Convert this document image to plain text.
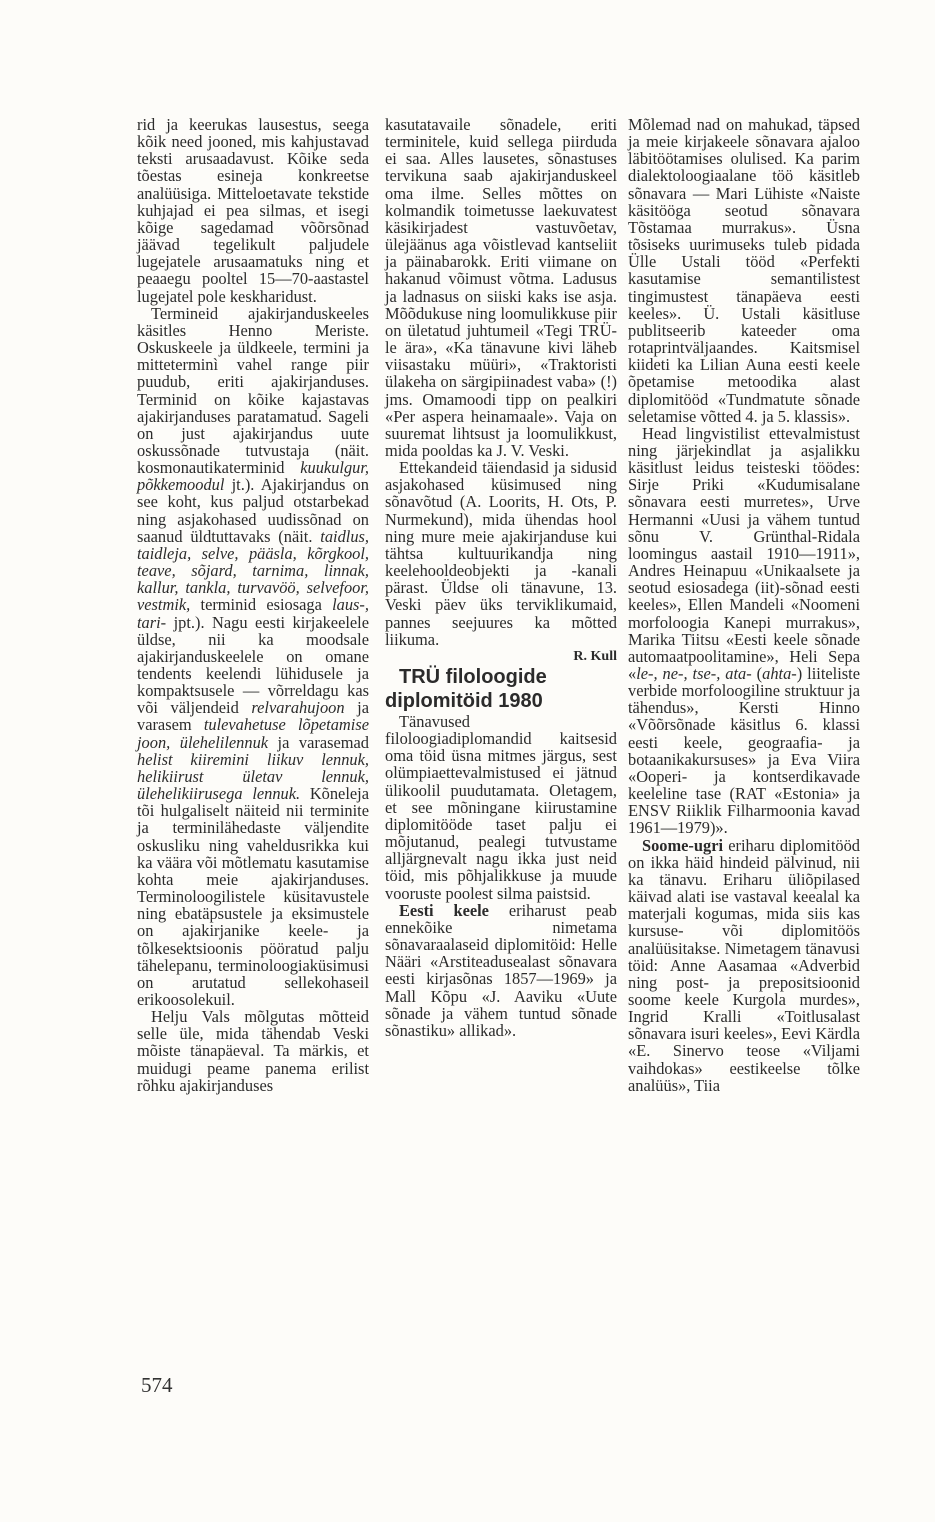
rid ja keerukas lausestus, seega kõik need jooned, mis kahjustavad teksti arusaadavust. Kõike seda tõestas esineja konkreetse analüüsiga. Mitteloetavate tekstide kuhjajad ei pea silmas, et isegi kõige sagedamad võõrsõnad jäävad tegelikult paljudele lugejatele arusaamatuks ning et peaaegu pooltel 15—70-aastastel lugejatel pole keskharidust.

Termineid ajakirjanduskeeles käsitles Henno Meriste. Oskuskeele ja üldkeele, termini ja mitteterminì vahel range piir puudub, eriti ajakirjanduses. Terminid on kõike kajastavas ajakirjanduses paratamatud. Sageli on just ajakirjandus uute oskussõnade tutvustaja (näit. kosmonautikaterminid kuukulgur, põkkemoodul jt.). Ajakirjandus on see koht, kus paljud otstarbekad ning asjakohased uudissõnad on saanud üldtuttavaks (näit. taidlus, taidleja, selve, pääsla, kõrgkool, teave, sõjard, tarnima, linnak, kallur, tankla, turvavöö, selvefoor, vestmik, terminid esiosaga laus-, tari- jpt.). Nagu eesti kirjakeelele üldse, nii ka moodsale ajakirjanduskeelele on omane tendents keelendi lühidusele ja kompaktsusele — võrreldagu kas või väljendeid relvarahujoon ja varasem tulevahetuse lõpetamise joon, ülehelilennuk ja varasemad helist kiiremini liikuv lennuk, helikiirust ületav lennuk, ülehelikiirusega lennuk. Kõneleja tõi hulgaliselt näiteid nii terminite ja terminilähedaste väljendite oskusliku ning vaheldusrikka kui ka väära või mõtlematu kasutamise kohta meie ajakirjanduses. Terminoloogilistele küsitavustele ning ebatäpsustele ja eksimustele on ajakirjanike keele- ja tõlkesektsioonis pööratud palju tähelepanu, terminoloogiaküsimusi on arutatud sellekohaseil erikoosolekuil.

Helju Vals mõlgutas mõtteid selle üle, mida tähendab Veski mõiste tänapäeval. Ta märkis, et muidugi peame panema erilist rõhku ajakirjanduses

kasutatavaile sõnadele, eriti terminitele, kuid sellega piirduda ei saa. Alles lausetes, sõnastuses tervikuna saab ajakirjanduskeel oma ilme. Selles mõttes on kolmandik toimetusse laekuvatest käsikirjadest vastuvõetav, ülejäänus aga võistlevad kantseliit ja päinabarokk. Eriti viimane on hakanud võimust võtma. Ladusus ja ladnasus on siiski kaks ise asja. Mõõdukuse ning loomulikkuse piir on ületatud juhtumeil «Tegi TRÜ-le ära», «Ka tänavune kivi läheb viisastaku müüri», «Traktoristi ülakeha on särgipiinadest vaba» (!) jms. Omamoodi tipp on pealkiri «Per aspera heinamaale». Vaja on suuremat lihtsust ja loomulikkust, mida pooldas ka J. V. Veski.

Ettekandeid täiendasid ja sidusid asjakohased küsimused ning sõnavõtud (A. Loorits, H. Ots, P. Nurmekund), mida ühendas hool ning mure meie ajakirjanduse kui tähtsa kultuurikandja ning keelehooldeobjekti ja -kanali pärast. Üldse oli tänavune, 13. Veski päev üks terviklikumaid, pannes seejuures ka mõtted liikuma.

R. Kull

TRÜ filoloogide diplomitöid 1980

Tänavused filoloogiadiplomandid kaitsesid oma töid üsna mitmes järgus, sest olümpiaettevalmistused ei jätnud ülikoolil puudutamata. Oletagem, et see mõningane kiirustamine diplomitööde taset palju ei mõjutanud, pealegi tutvustame alljärgnevalt nagu ikka just neid töid, mis põhjalikkuse ja muude vooruste poolest silma paistsid.

Eesti keele eriharust peab ennekõike nimetama sõnavaraalaseid diplomitöid: Helle Nääri «Arstiteadusealast sõnavara eesti kirjasõnas 1857—1969» ja Mall Kõpu «J. Aaviku «Uute sõnade ja vähem tuntud sõnade sõnastiku» allikad».

Mõlemad nad on mahukad, täpsed ja meie kirjakeele sõnavara ajaloo läbitöötamises olulised. Ka parim dialektoloogiaalane töö käsitleb sõnavara — Mari Lühiste «Naiste käsitööga seotud sõnavara Tõstamaa murrakus». Üsna tõsiseks uurimuseks tuleb pidada Ülle Ustali tööd «Perfekti kasutamise semantilistest tingimustest tänapäeva eesti keeles». Ü. Ustali käsitluse publitseerib kateeder oma rotaprintväljaandes. Kaitsmisel kiideti ka Lilian Auna eesti keele õpetamise metoodika alast diplomitööd «Tundmatute sõnade seletamise võtted 4. ja 5. klassis».

Head lingvistilist ettevalmistust ning järjekindlat ja asjalikku käsitlust leidus teisteski töödes: Sirje Priki «Kudumisalane sõnavara eesti murretes», Urve Hermanni «Uusi ja vähem tuntud sõnu V. Grünthal-Ridala loomingus aastail 1910—1911», Andres Heinapuu «Unikaalsete ja seotud esiosadega (iit)-sõnad eesti keeles», Ellen Mandeli «Noomeni morfoloogia Kanepi murrakus», Marika Tiitsu «Eesti keele sõnade automaatpoolitamine», Heli Sepa «le-, ne-, tse-, ata- (ahta-) liiteliste verbide morfoloogiline struktuur ja tähendus», Kersti Hinno «Võõrsõnade käsitlus 6. klassi eesti keele, geograafia- ja botaanikakursuses» ja Eva Viira «Ooperi- ja kontserdikavade keeleline tase (RAT «Estonia» ja ENSV Riiklik Filharmoonia kavad 1961—1979)».

Soome-ugri eriharu diplomitööd on ikka häid hindeid pälvinud, nii ka tänavu. Eriharu üliõpilased käivad alati ise vastaval keealal ka materjali kogumas, mida siis kas kursuse- või diplomitöös analüüsitakse. Nimetagem tänavusi töid: Anne Aasamaa «Adverbid ning post- ja prepositsioonid soome keele Kurgola murdes», Ingrid Kralli «Toitlusalast sõnavara isuri keeles», Eevi Kärdla «E. Sinervo teose «Viljami vaihdokas» eestikeelse tõlke analüüs», Tiia

574
